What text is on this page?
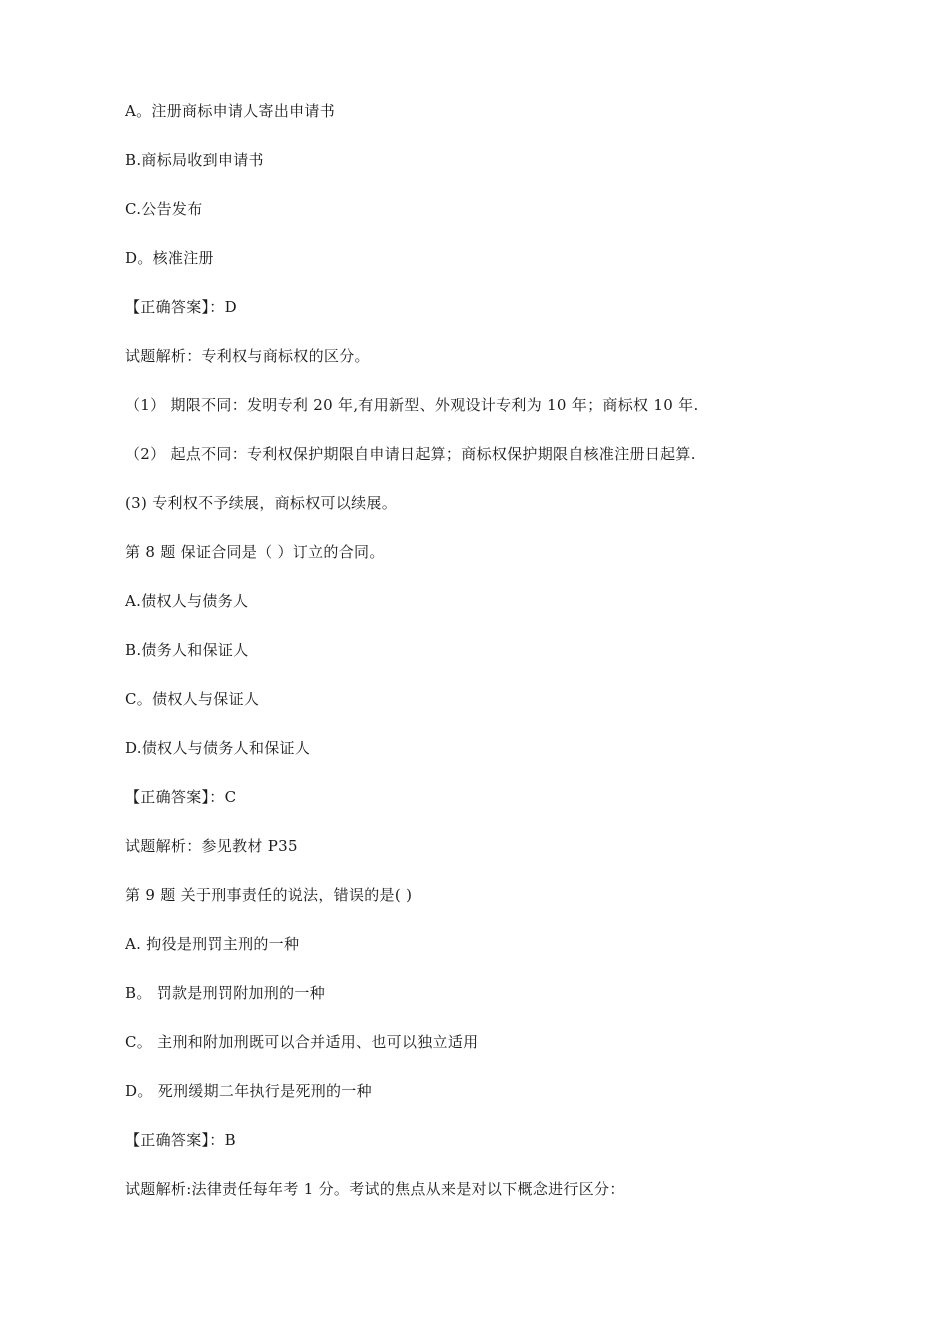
A。注册商标申请人寄出申请书
B.商标局收到申请书
C.公告发布
D。核准注册
【正确答案】：D
试题解析：专利权与商标权的区分。
（1） 期限不同：发明专利 20 年,有用新型、外观设计专利为 10 年；商标权 10 年.
（2） 起点不同：专利权保护期限自申请日起算；商标权保护期限自核准注册日起算.
(3) 专利权不予续展，商标权可以续展。
第 8 题 保证合同是（ ）订立的合同。
A.债权人与债务人
B.债务人和保证人
C。债权人与保证人
D.债权人与债务人和保证人
【正确答案】：C
试题解析：参见教材 P35
第 9 题 关于刑事责任的说法，错误的是( )
A. 拘役是刑罚主刑的一种
B。 罚款是刑罚附加刑的一种
C。 主刑和附加刑既可以合并适用、也可以独立适用
D。 死刑缓期二年执行是死刑的一种
【正确答案】：B
试题解析:法律责任每年考 1 分。考试的焦点从来是对以下概念进行区分：
